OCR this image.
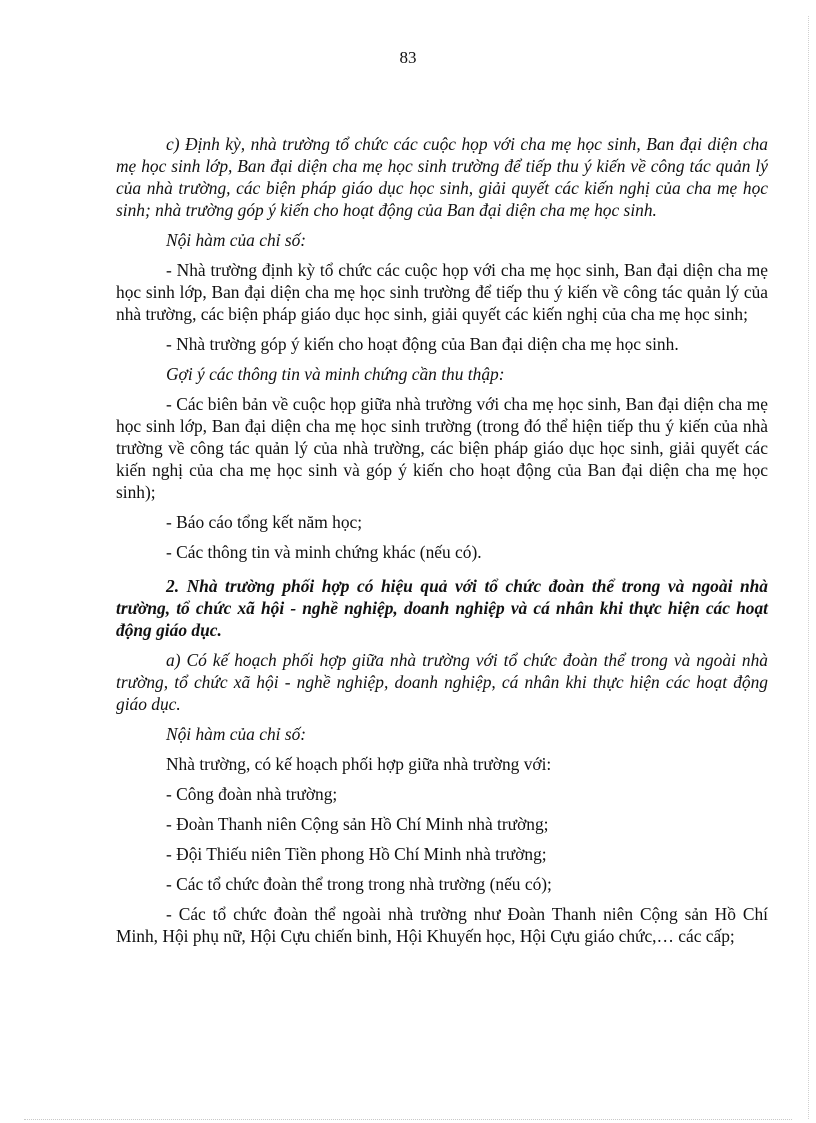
83

c) Định kỳ, nhà trường tổ chức các cuộc họp với cha mẹ học sinh, Ban đại diện cha mẹ học sinh lớp, Ban đại diện cha mẹ học sinh trường để tiếp thu ý kiến về công tác quản lý của nhà trường, các biện pháp giáo dục học sinh, giải quyết các kiến nghị của cha mẹ học sinh; nhà trường góp ý kiến cho hoạt động của Ban đại diện cha mẹ học sinh.

Nội hàm của chỉ số:

- Nhà trường định kỳ tổ chức các cuộc họp với cha mẹ học sinh, Ban đại diện cha mẹ học sinh lớp, Ban đại diện cha mẹ học sinh trường để tiếp thu ý kiến về công tác quản lý của nhà trường, các biện pháp giáo dục học sinh, giải quyết các kiến nghị của cha mẹ học sinh;

- Nhà trường góp ý kiến cho hoạt động của Ban đại diện cha mẹ học sinh.

Gợi ý các thông tin và minh chứng cần thu thập:

- Các biên bản về cuộc họp giữa nhà trường với cha mẹ học sinh, Ban đại diện cha mẹ học sinh lớp, Ban đại diện cha mẹ học sinh trường (trong đó thể hiện tiếp thu ý kiến của nhà trường về công tác quản lý của nhà trường, các biện pháp giáo dục học sinh, giải quyết các kiến nghị của cha mẹ học sinh và góp ý kiến cho hoạt động của Ban đại diện cha mẹ học sinh);

- Báo cáo tổng kết năm học;

- Các thông tin và minh chứng khác (nếu có).

2. Nhà trường phối hợp có hiệu quả với tổ chức đoàn thể trong và ngoài nhà trường, tổ chức xã hội - nghề nghiệp, doanh nghiệp và cá nhân khi thực hiện các hoạt động giáo dục.

a) Có kế hoạch phối hợp giữa nhà trường với tổ chức đoàn thể trong và ngoài nhà trường, tổ chức xã hội - nghề nghiệp, doanh nghiệp, cá nhân khi thực hiện các hoạt động giáo dục.

Nội hàm của chỉ số:

Nhà trường, có kế hoạch phối hợp giữa nhà trường với:

- Công đoàn nhà trường;

- Đoàn Thanh niên Cộng sản Hồ Chí Minh nhà trường;

- Đội Thiếu niên Tiền phong Hồ Chí Minh nhà trường;

- Các tổ chức đoàn thể trong trong nhà trường (nếu có);

- Các tổ chức đoàn thể ngoài nhà trường như Đoàn Thanh niên Cộng sản Hồ Chí Minh, Hội phụ nữ, Hội Cựu chiến binh, Hội Khuyến học, Hội Cựu giáo chức,… các cấp;
